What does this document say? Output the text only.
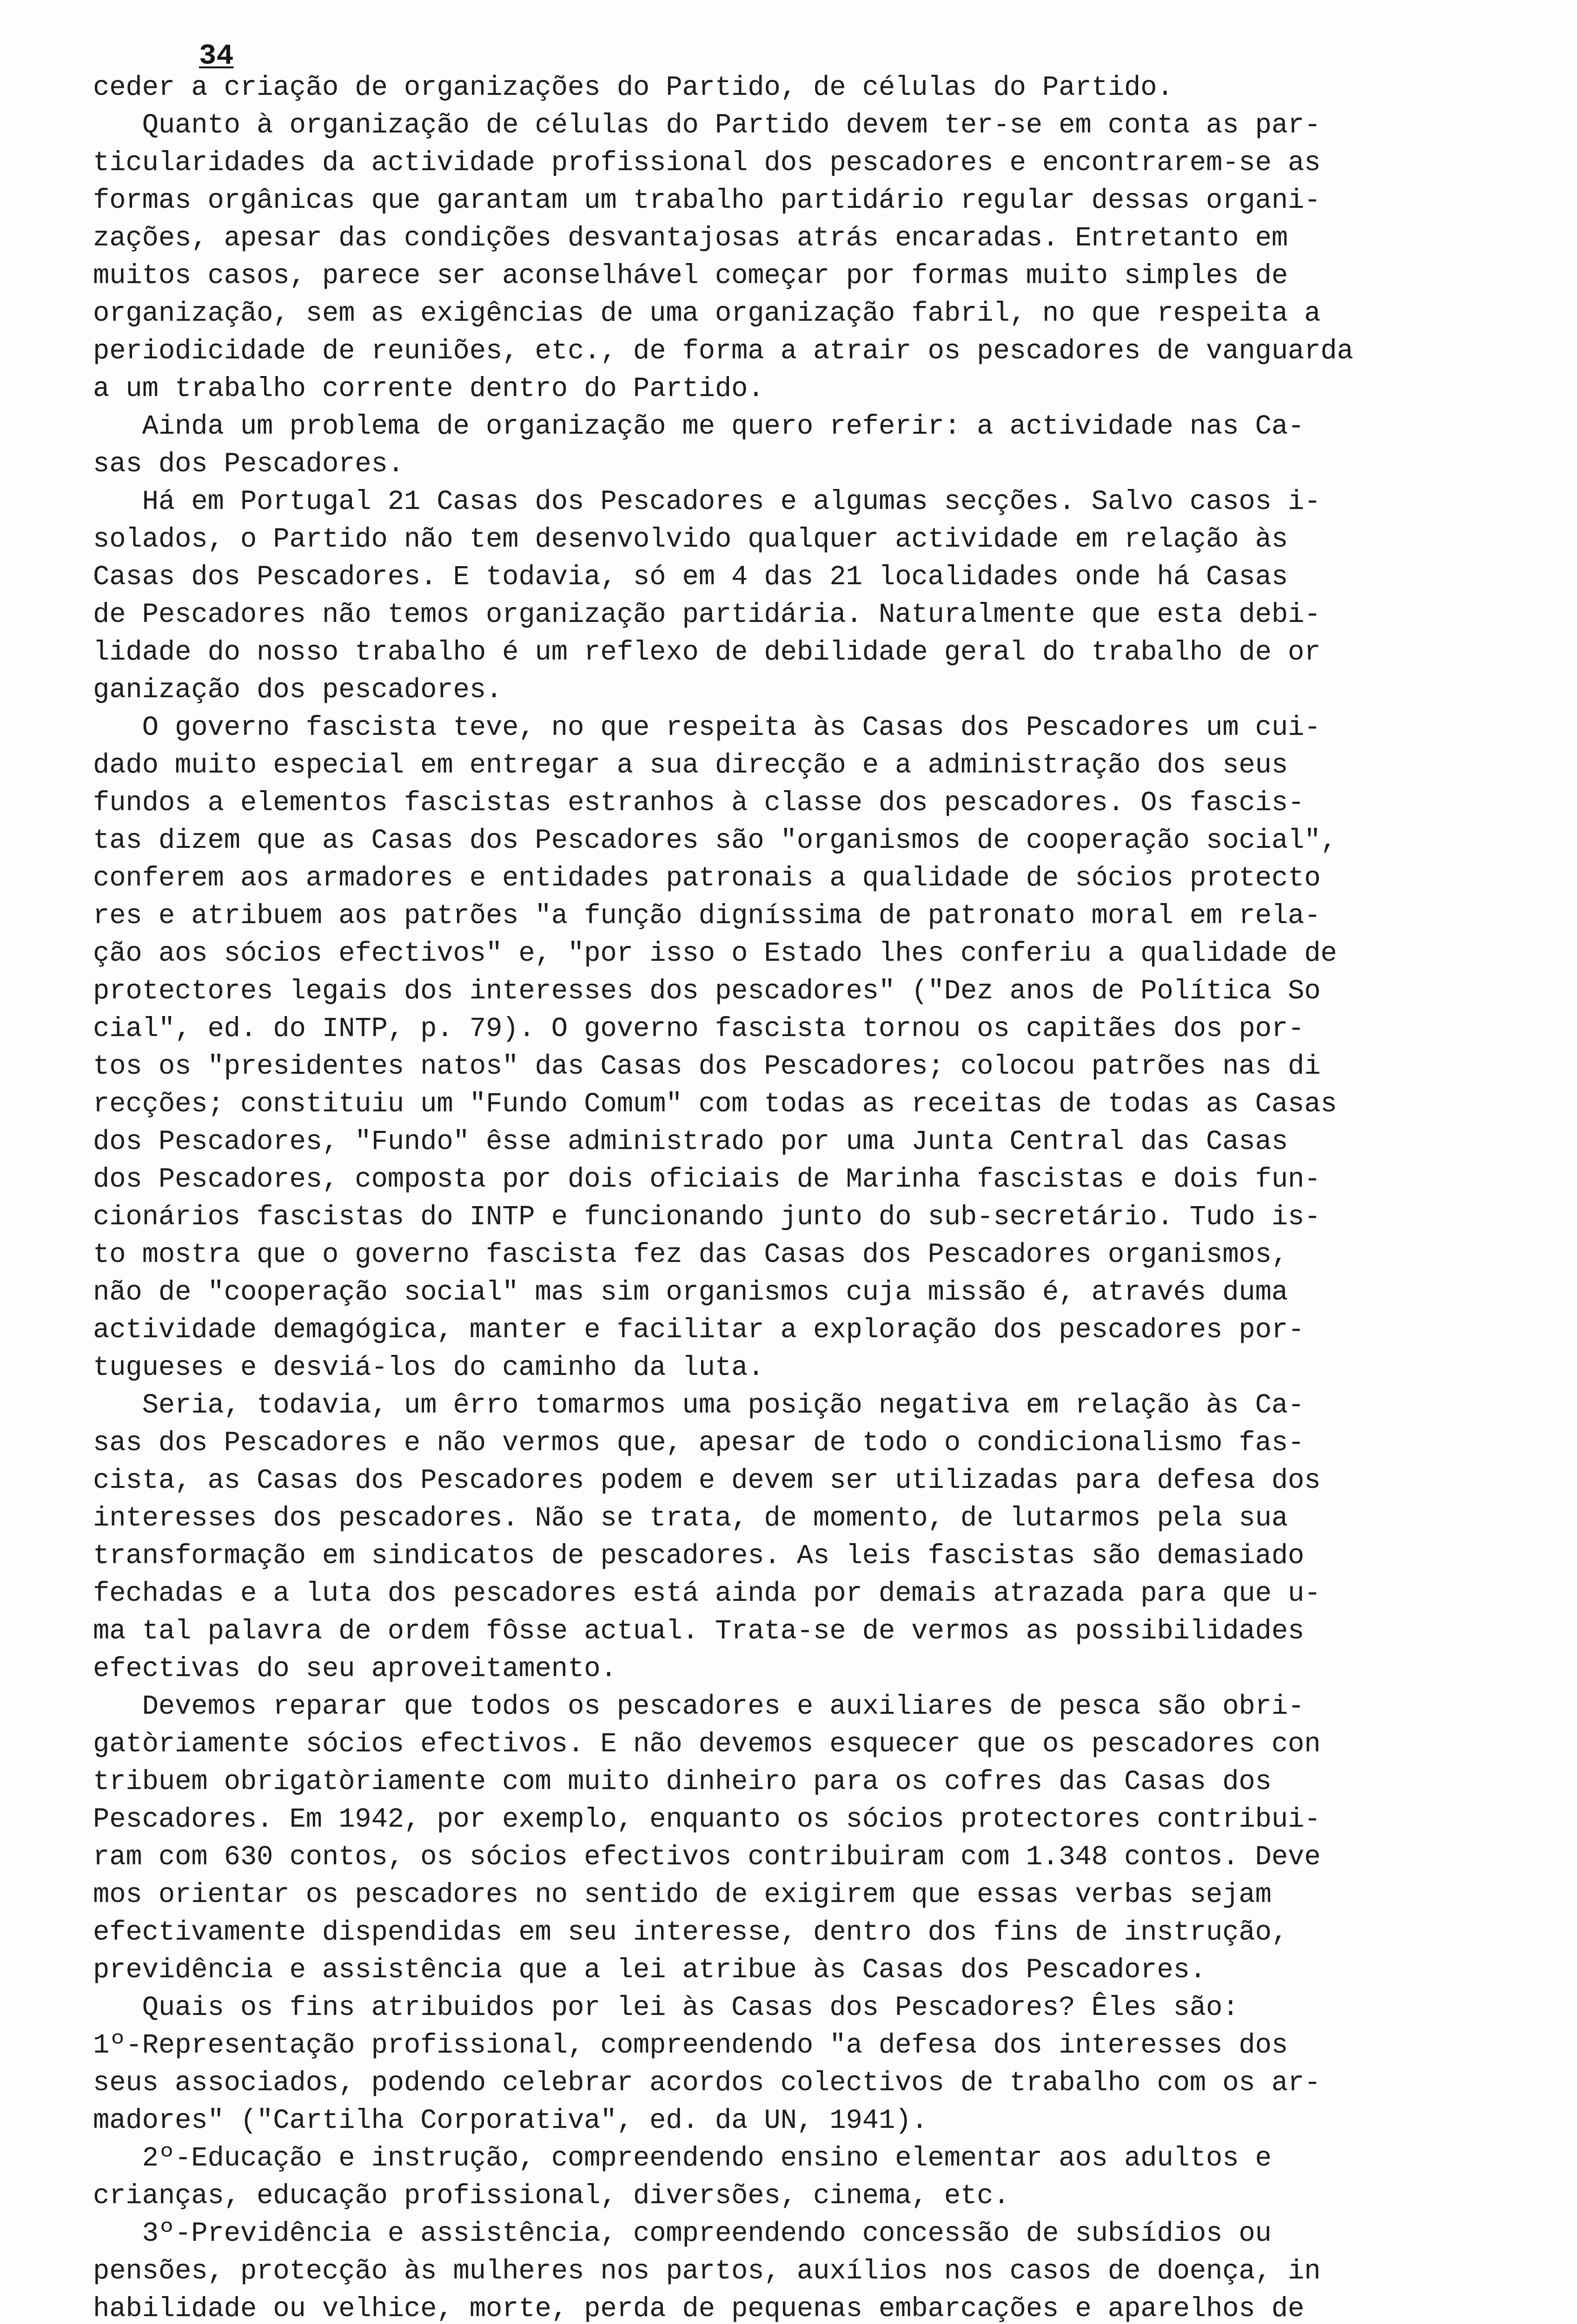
34
ceder a criação de organizações do Partido, de células do Partido.
Quanto à organização de células do Partido devem ter-se em conta as par-
ticularidades da actividade profissional dos pescadores e encontrarem-se as
formas orgânicas que garantam um trabalho partidário regular dessas organi-
zações, apesar das condições desvantajosas atrás encaradas. Entretanto em
muitos casos, parece ser aconselhável começar por formas muito simples de
organização, sem as exigências de uma organização fabril, no que respeita a
periodicidade de reuniões, etc., de forma a atrair os pescadores de vanguarda
a um trabalho corrente dentro do Partido.
Ainda um problema de organização me quero referir: a actividade nas Ca-
sas dos Pescadores.
Há em Portugal 21 Casas dos Pescadores e algumas secções. Salvo casos i-
solados, o Partido não tem desenvolvido qualquer actividade em relação às
Casas dos Pescadores. E todavia, só em 4 das 21 localidades onde há Casas
de Pescadores não temos organização partidária. Naturalmente que esta debi-
lidade do nosso trabalho é um reflexo de debilidade geral do trabalho de or
ganização dos pescadores.
O governo fascista teve, no que respeita às Casas dos Pescadores um cui-
dado muito especial em entregar a sua direcção e a administração dos seus
fundos a elementos fascistas estranhos à classe dos pescadores. Os fascis-
tas dizem que as Casas dos Pescadores são "organismos de cooperação social",
conferem aos armadores e entidades patronais a qualidade de sócios protecto
res e atribuem aos patrões "a função digníssima de patronato moral em rela-
ção aos sócios efectivos" e, "por isso o Estado lhes conferiu a qualidade de
protectores legais dos interesses dos pescadores" ("Dez anos de Política So
cial", ed. do INTP, p. 79). O governo fascista tornou os capitães dos por-
tos os "presidentes natos" das Casas dos Pescadores; colocou patrões nas di
recções; constituiu um "Fundo Comum" com todas as receitas de todas as Casas
dos Pescadores, "Fundo" êsse administrado por uma Junta Central das Casas
dos Pescadores, composta por dois oficiais de Marinha fascistas e dois fun-
cionários fascistas do INTP e funcionando junto do sub-secretário. Tudo is-
to mostra que o governo fascista fez das Casas dos Pescadores organismos,
não de "cooperação social" mas sim organismos cuja missão é, através duma
actividade demagógica, manter e facilitar a exploração dos pescadores por-
tugueses e desviá-los do caminho da luta.
Seria, todavia, um êrro tomarmos uma posição negativa em relação às Ca-
sas dos Pescadores e não vermos que, apesar de todo o condicionalismo fas-
cista, as Casas dos Pescadores podem e devem ser utilizadas para defesa dos
interesses dos pescadores. Não se trata, de momento, de lutarmos pela sua
transformação em sindicatos de pescadores. As leis fascistas são demasiado
fechadas e a luta dos pescadores está ainda por demais atrazada para que u-
ma tal palavra de ordem fôsse actual. Trata-se de vermos as possibilidades
efectivas do seu aproveitamento.
Devemos reparar que todos os pescadores e auxiliares de pesca são obri-
gatòriamente sócios efectivos. E não devemos esquecer que os pescadores con
tribuem obrigatòriamente com muito dinheiro para os cofres das Casas dos
Pescadores. Em 1942, por exemplo, enquanto os sócios protectores contribui-
ram com 630 contos, os sócios efectivos contribuiram com 1.348 contos. Deve
mos orientar os pescadores no sentido de exigirem que essas verbas sejam
efectivamente dispendidas em seu interesse, dentro dos fins de instrução,
previdência e assistência que a lei atribue às Casas dos Pescadores.
Quais os fins atribuidos por lei às Casas dos Pescadores? Êles são:
1º-Representação profissional, compreendendo "a defesa dos interesses dos
seus associados, podendo celebrar acordos colectivos de trabalho com os ar-
madores" ("Cartilha Corporativa", ed. da UN, 1941).
2º-Educação e instrução, compreendendo ensino elementar aos adultos e
crianças, educação profissional, diversões, cinema, etc.
3º-Previdência e assistência, compreendendo concessão de subsídios ou
pensões, protecção às mulheres nos partos, auxílios nos casos de doença, in
habilidade ou velhice, morte, perda de pequenas embarcações e aparelhos de
